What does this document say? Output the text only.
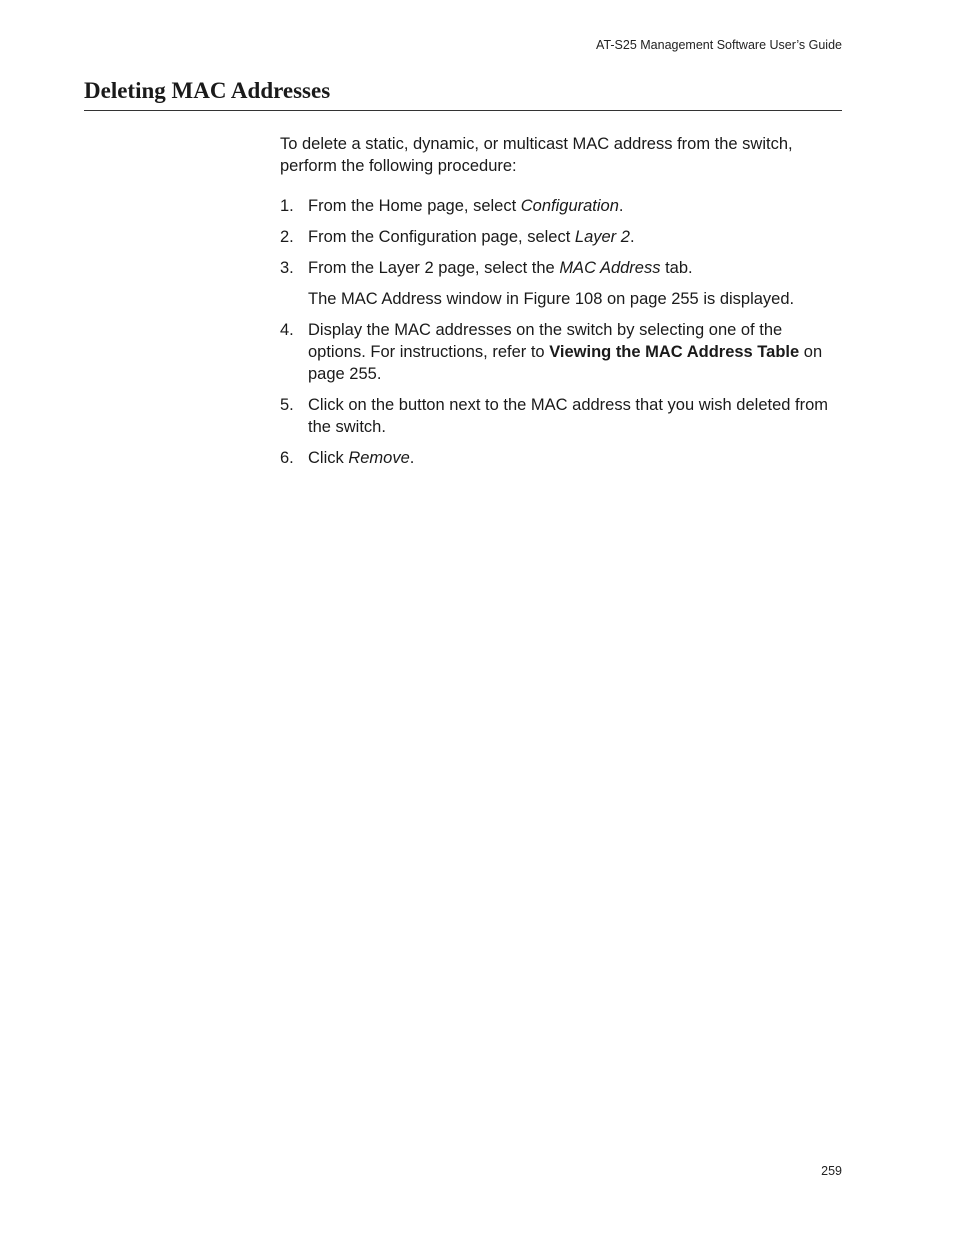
AT-S25 Management Software User’s Guide
Deleting MAC Addresses

To delete a static, dynamic, or multicast MAC address from the switch, perform the following procedure:

1. From the Home page, select Configuration.
2. From the Configuration page, select Layer 2.
3. From the Layer 2 page, select the MAC Address tab.
The MAC Address window in Figure 108 on page 255 is displayed.
4. Display the MAC addresses on the switch by selecting one of the options. For instructions, refer to Viewing the MAC Address Table on page 255.
5. Click on the button next to the MAC address that you wish deleted from the switch.
6. Click Remove.
259
